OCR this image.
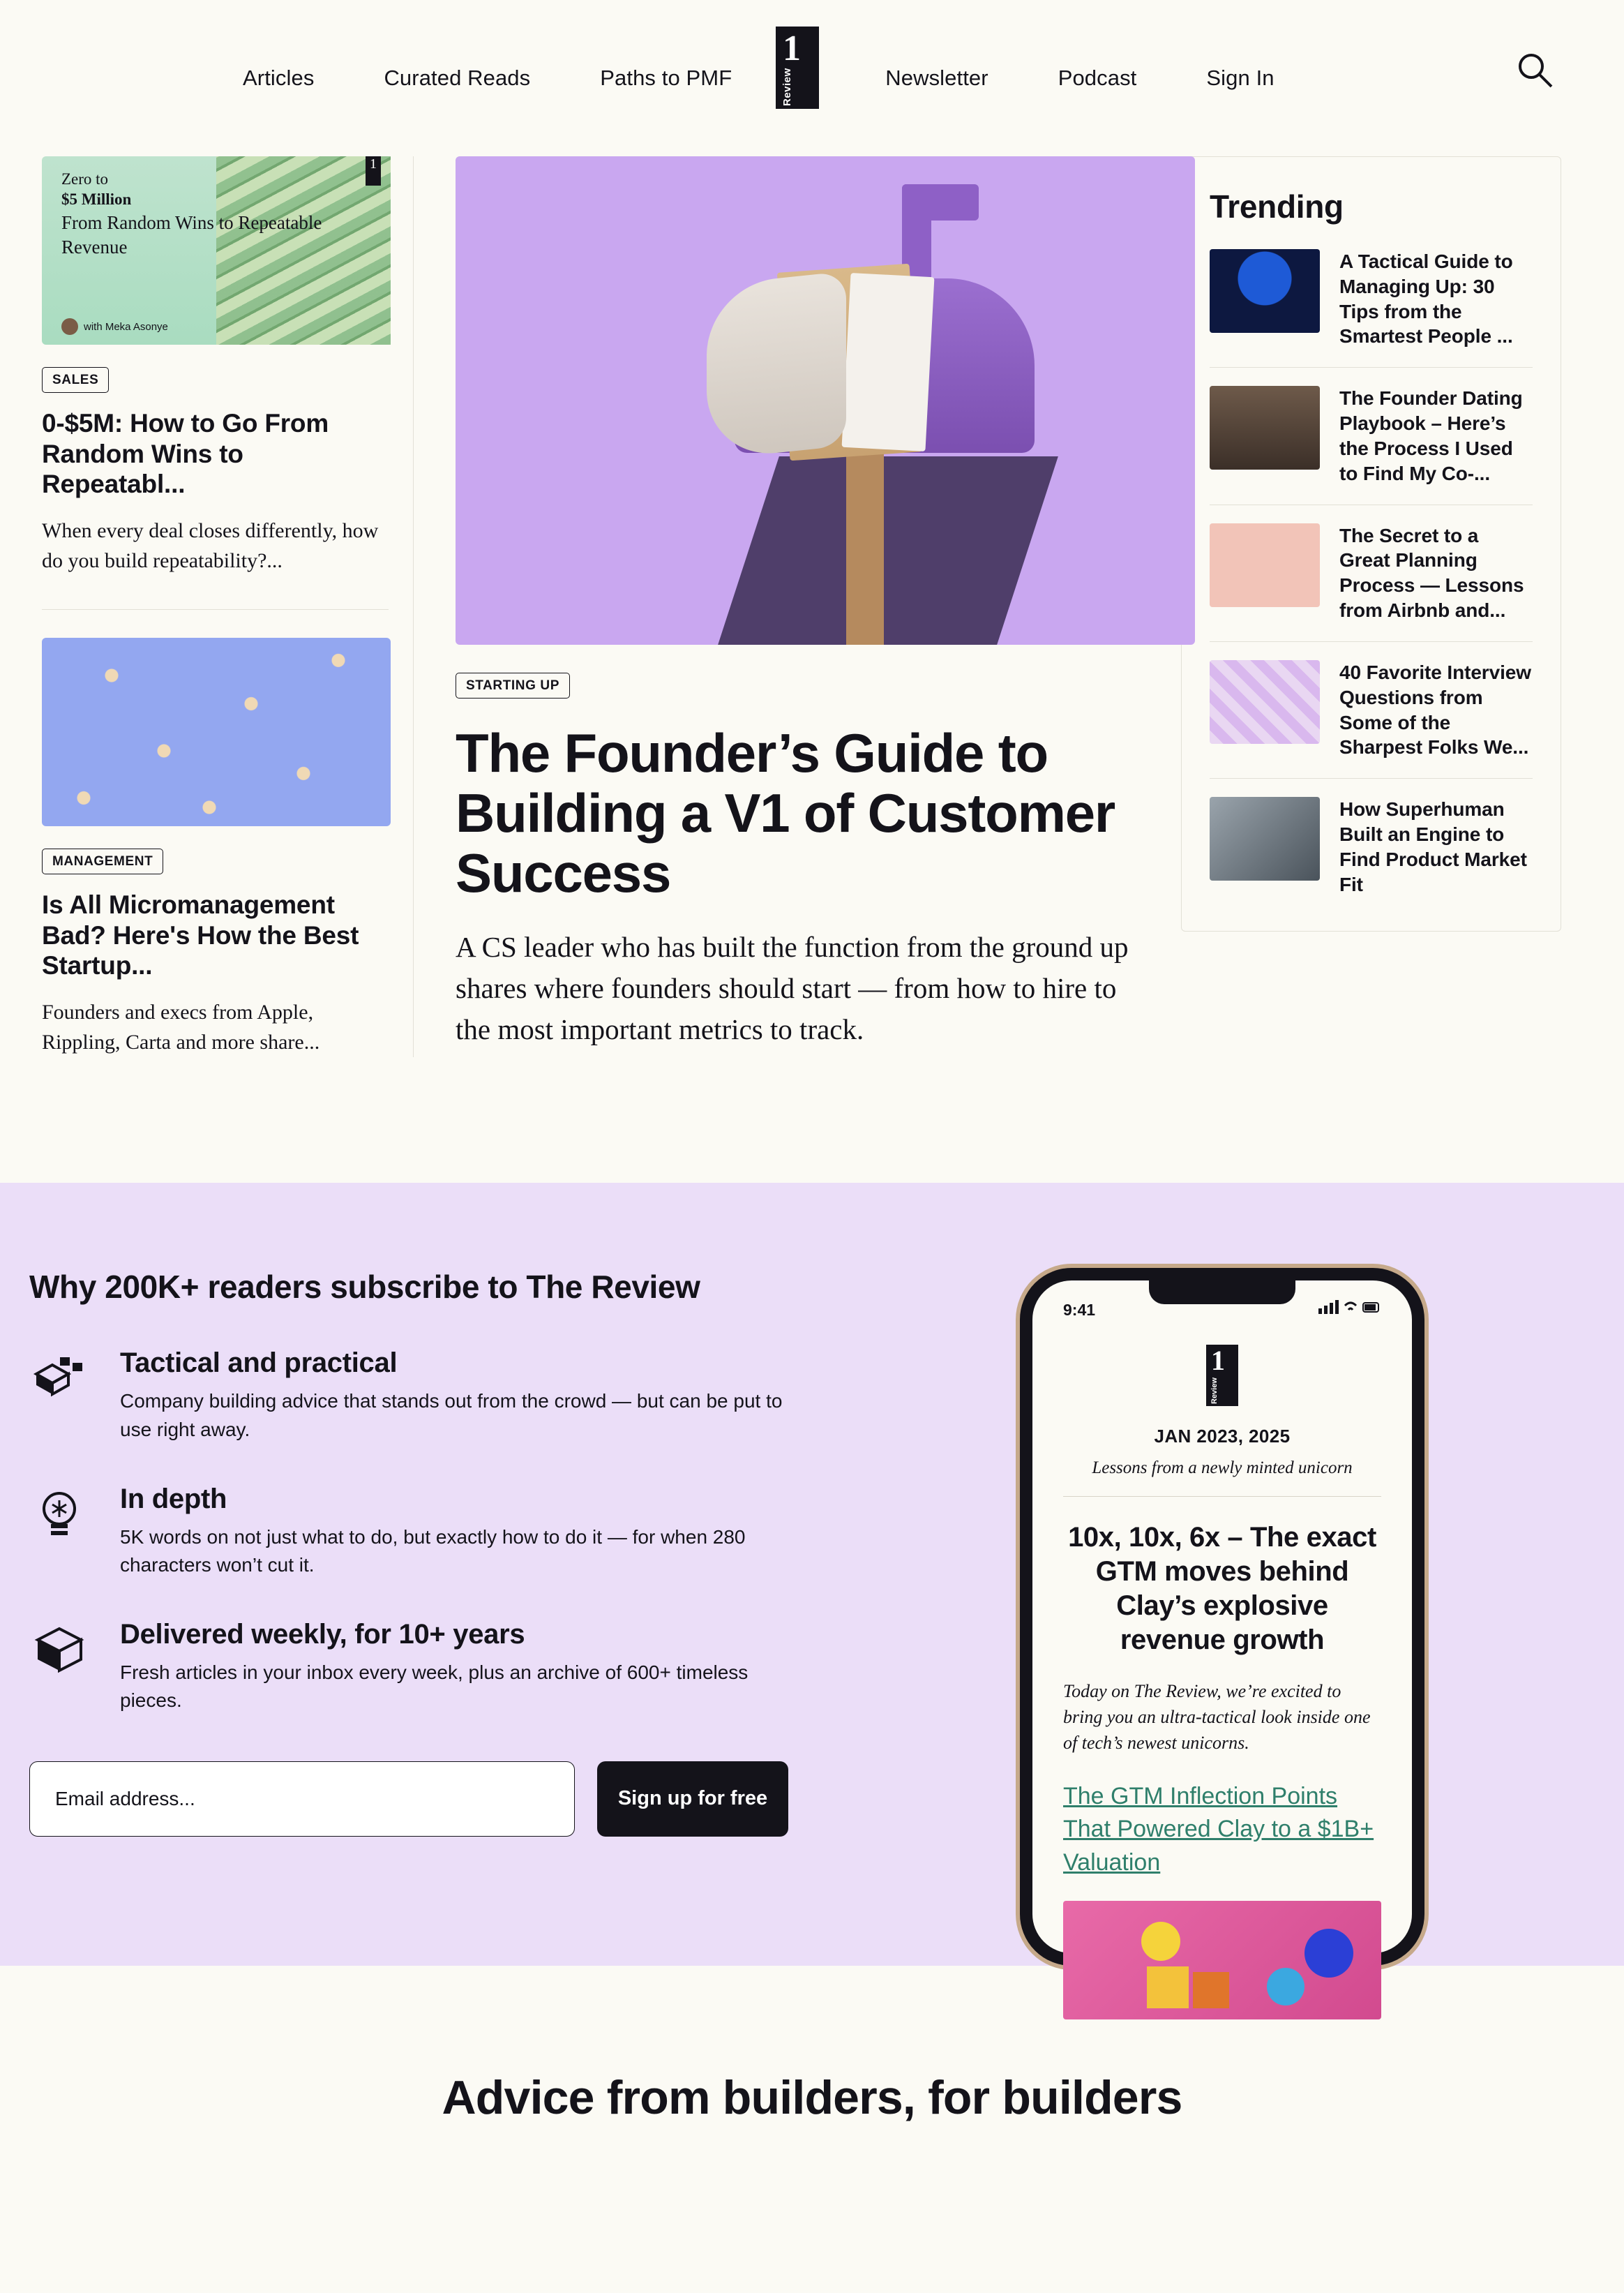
Articles	Curated Reads	Paths to PMF
1
Review	Newsletter	Podcast	Sign In
1
Zero to
$5 Million
From Random Wins to Repeatable Revenue
with Meka Asonye
SALES
0-$5M: How to Go From Random Wins to Repeatabl...
When every deal closes differently, how do you build repeatability?...
MANAGEMENT
Is All Micromanagement Bad? Here's How the Best Startup...
Founders and execs from Apple, Rippling, Carta and more share...
STARTING UP
The Founder’s Guide to Building a V1 of Customer Success

A CS leader who has built the function from the ground up shares where founders should start — from how to hire to the most important metrics to track.

Trending
A Tactical Guide to Managing Up: 30 Tips from the Smartest People ...
The Founder Dating Playbook – Here’s the Process I Used to Find My Co-...
The Secret to a Great Planning Process — Lessons from Airbnb and...
40 Favorite Interview Questions from Some of the Sharpest Folks We...
How Superhuman Built an Engine to Find Product Market Fit
Why 200K+ readers subscribe to The Review
Tactical and practical
Company building advice that stands out from the crowd — but can be put to use right away.
In depth
5K words on not just what to do, but exactly how to do it — for when 280 characters won’t cut it.
Delivered weekly, for 10+ years
Fresh articles in your inbox every week, plus an archive of 600+ timeless pieces.
Email address...
Sign up for free
9:41
1
Review
JAN 2023, 2025
Lessons from a newly minted unicorn
10x, 10x, 6x – The exact GTM moves behind Clay’s explosive revenue growth
Today on The Review, we’re excited to bring you an ultra-tactical look inside one of tech’s newest unicorns.
The GTM Inflection Points That Powered Clay to a $1B+ Valuation
Advice from builders, for builders
